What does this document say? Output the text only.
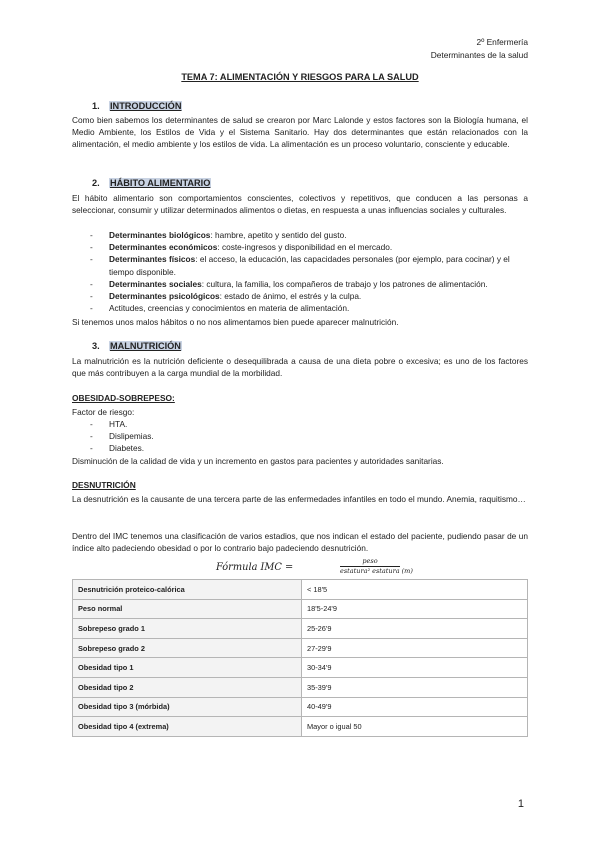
2º Enfermería
Determinantes de la salud
TEMA 7: ALIMENTACIÓN Y RIESGOS PARA LA SALUD
1. INTRODUCCIÓN
Como bien sabemos los determinantes de salud se crearon por Marc Lalonde y estos factores son la Biología humana, el Medio Ambiente, los Estilos de Vida y el Sistema Sanitario. Hay dos determinantes que están relacionados con la alimentación, el medio ambiente y los estilos de vida. La alimentación es un proceso voluntario, consciente y educable.
2. HÁBITO ALIMENTARIO
El hábito alimentario son comportamientos conscientes, colectivos y repetitivos, que conducen a las personas a seleccionar, consumir y utilizar determinados alimentos o dietas, en respuesta a unas influencias sociales y culturales.
- Determinantes biológicos: hambre, apetito y sentido del gusto.
- Determinantes económicos: coste-ingresos y disponibilidad en el mercado.
- Determinantes físicos: el acceso, la educación, las capacidades personales (por ejemplo, para cocinar) y el tiempo disponible.
- Determinantes sociales: cultura, la familia, los compañeros de trabajo y los patrones de alimentación.
- Determinantes psicológicos: estado de ánimo, el estrés y la culpa.
- Actitudes, creencias y conocimientos en materia de alimentación.
Si tenemos unos malos hábitos o no nos alimentamos bien puede aparecer malnutrición.
3. MALNUTRICIÓN
La malnutrición es la nutrición deficiente o desequilibrada a causa de una dieta pobre o excesiva; es uno de los factores que más contribuyen a la carga mundial de la morbilidad.
OBESIDAD-SOBREPESO:
Factor de riesgo:
- HTA.
- Dislipemias.
- Diabetes.
Disminución de la calidad de vida y un incremento en gastos para pacientes y autoridades sanitarias.
DESNUTRICIÓN
La desnutrición es la causante de una tercera parte de las enfermedades infantiles en todo el mundo. Anemia, raquitismo…
Dentro del IMC tenemos una clasificación de varios estadios, que nos indican el estado del paciente, pudiendo pasar de un índice alto padeciendo obesidad o por lo contrario bajo padeciendo desnutrición.
Fórmula IMC =
peso
estatura² estatura (m)
Desnutrición proteico-calórica	< 18'5
Peso normal	18'5-24'9
Sobrepeso grado 1	25-26'9
Sobrepeso grado 2	27-29'9
Obesidad tipo 1	30-34'9
Obesidad tipo 2	35-39'9
Obesidad tipo 3 (mórbida)	40-49'9
Obesidad tipo 4 (extrema)	Mayor o igual 50
1
